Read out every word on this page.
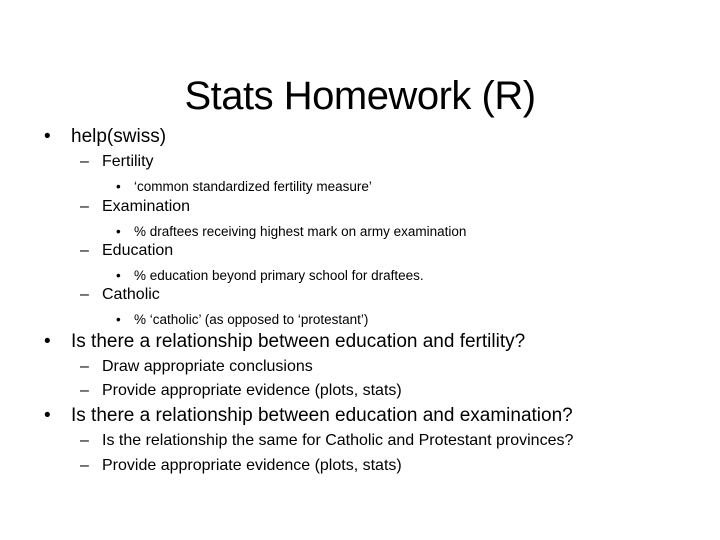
Stats Homework (R)
• help(swiss)
– Fertility
• ‘common standardized fertility measure’
– Examination
• % draftees receiving highest mark on army examination
– Education
• % education beyond primary school for draftees.
– Catholic
• % ‘catholic’ (as opposed to ‘protestant’)
• Is there a relationship between education and fertility?
– Draw appropriate conclusions
– Provide appropriate evidence (plots, stats)
• Is there a relationship between education and examination?
– Is the relationship the same for Catholic and Protestant provinces?
– Provide appropriate evidence (plots, stats)
